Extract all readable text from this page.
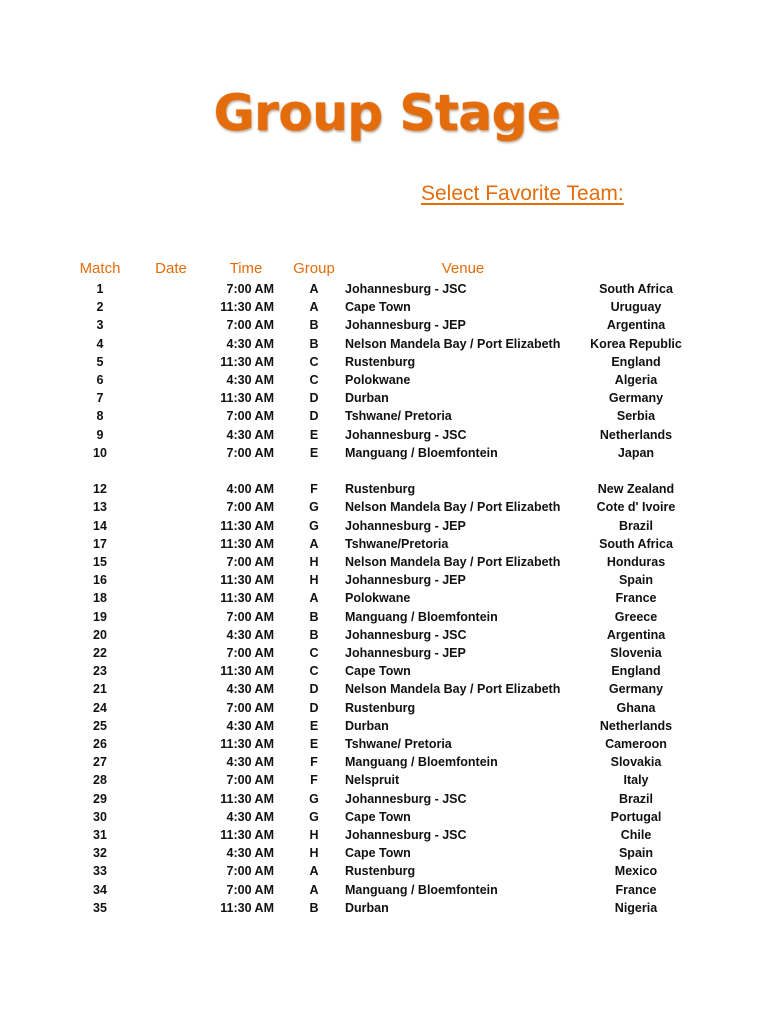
Group Stage
Select Favorite Team:
Match	Date	Time	Group	Venue
1	7:00 AM	A	Johannesburg - JSC	South Africa
2	11:30 AM	A	Cape Town	Uruguay
3	7:00 AM	B	Johannesburg - JEP	Argentina
4	4:30 AM	B	Nelson Mandela Bay / Port Elizabeth	Korea Republic
5	11:30 AM	C	Rustenburg	England
6	4:30 AM	C	Polokwane	Algeria
7	11:30 AM	D	Durban	Germany
8	7:00 AM	D	Tshwane/ Pretoria	Serbia
9	4:30 AM	E	Johannesburg - JSC	Netherlands
10	7:00 AM	E	Manguang / Bloemfontein	Japan
12	4:00 AM	F	Rustenburg	New Zealand
13	7:00 AM	G	Nelson Mandela Bay / Port Elizabeth	Cote d' Ivoire
14	11:30 AM	G	Johannesburg - JEP	Brazil
17	11:30 AM	A	Tshwane/Pretoria	South Africa
15	7:00 AM	H	Nelson Mandela Bay / Port Elizabeth	Honduras
16	11:30 AM	H	Johannesburg - JEP	Spain
18	11:30 AM	A	Polokwane	France
19	7:00 AM	B	Manguang / Bloemfontein	Greece
20	4:30 AM	B	Johannesburg - JSC	Argentina
22	7:00 AM	C	Johannesburg - JEP	Slovenia
23	11:30 AM	C	Cape Town	England
21	4:30 AM	D	Nelson Mandela Bay / Port Elizabeth	Germany
24	7:00 AM	D	Rustenburg	Ghana
25	4:30 AM	E	Durban	Netherlands
26	11:30 AM	E	Tshwane/ Pretoria	Cameroon
27	4:30 AM	F	Manguang / Bloemfontein	Slovakia
28	7:00 AM	F	Nelspruit	Italy
29	11:30 AM	G	Johannesburg - JSC	Brazil
30	4:30 AM	G	Cape Town	Portugal
31	11:30 AM	H	Johannesburg - JSC	Chile
32	4:30 AM	H	Cape Town	Spain
33	7:00 AM	A	Rustenburg	Mexico
34	7:00 AM	A	Manguang / Bloemfontein	France
35	11:30 AM	B	Durban	Nigeria
